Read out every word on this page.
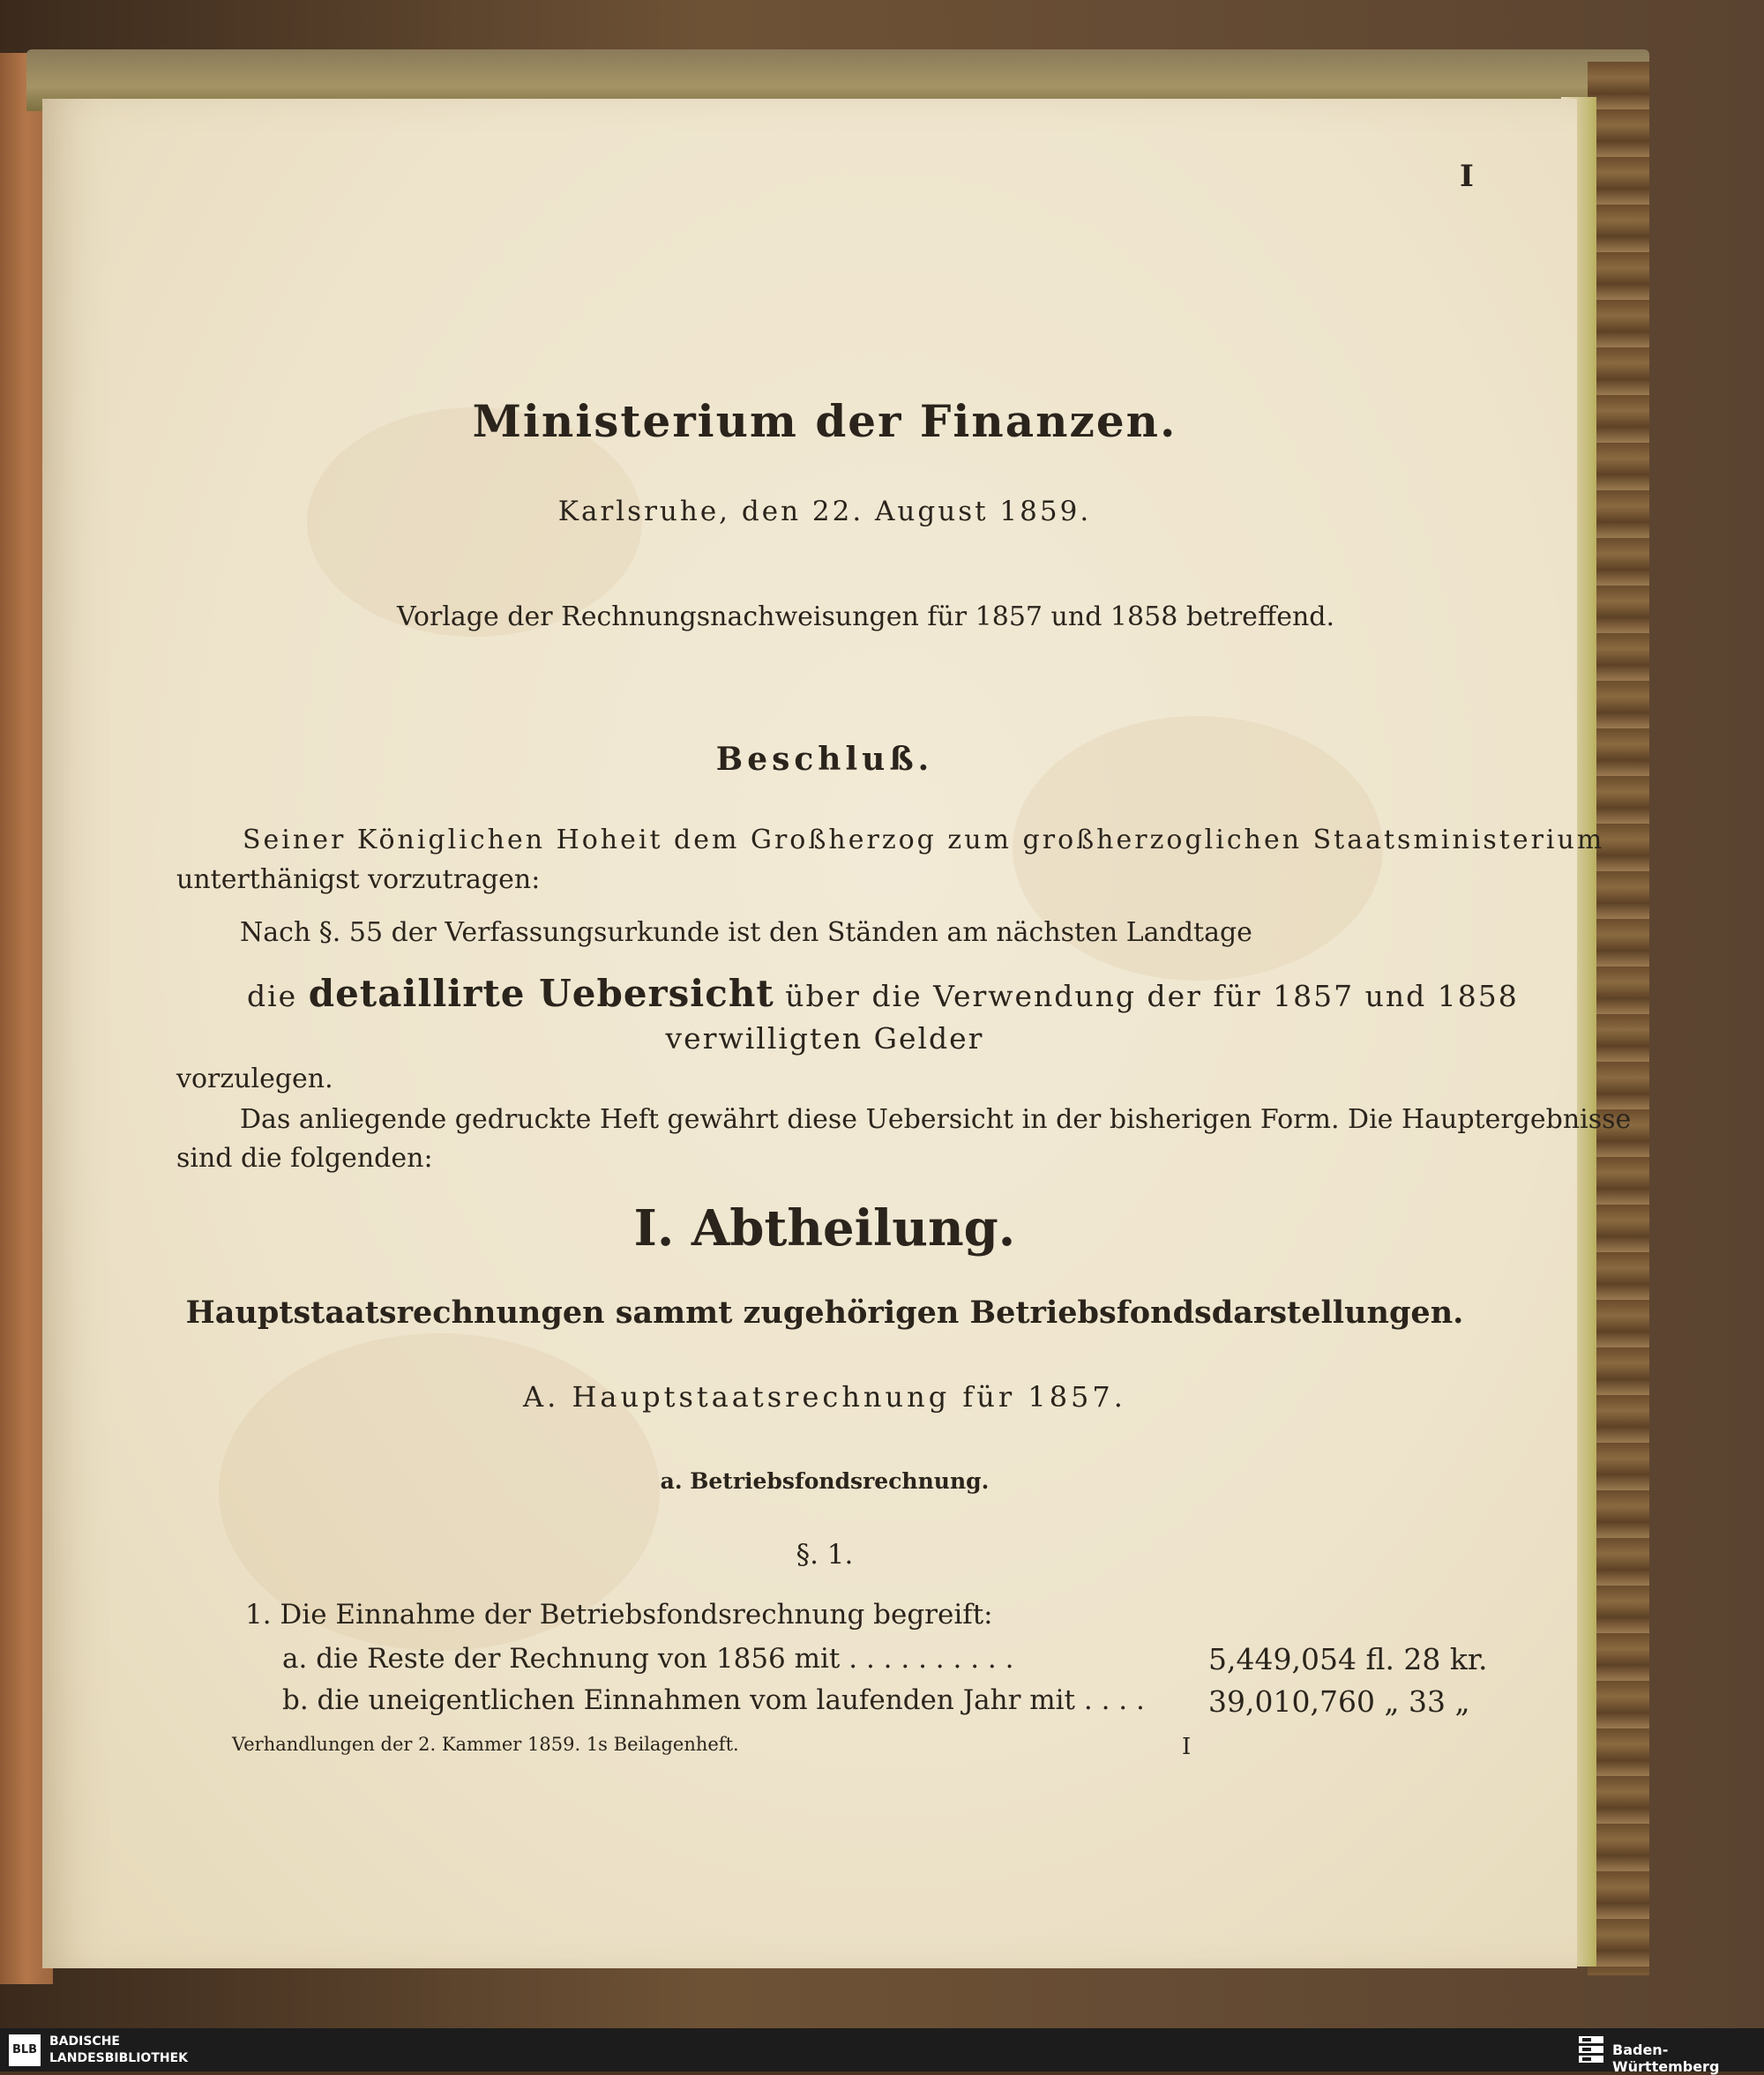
I
Ministerium der Finanzen.
Karlsruhe, den 22. August 1859.
Vorlage der Rechnungsnachweisungen für 1857 und 1858 betreffend.
Beschluß.
Seiner Königlichen Hoheit dem Großherzog zum großherzoglichen Staatsministerium
unterthänigst vorzutragen:
Nach §. 55 der Verfassungsurkunde ist den Ständen am nächsten Landtage
die detaillirte Uebersicht über die Verwendung der für 1857 und 1858
verwilligten Gelder
vorzulegen.
Das anliegende gedruckte Heft gewährt diese Uebersicht in der bisherigen Form. Die Hauptergebnisse
sind die folgenden:
I. Abtheilung.
Hauptstaatsrechnungen sammt zugehörigen Betriebsfondsdarstellungen.
A. Hauptstaatsrechnung für 1857.
a. Betriebsfondsrechnung.
§. 1.
1. Die Einnahme der Betriebsfondsrechnung begreift:
a. die Reste der Rechnung von 1856 mit . . . . . . . . . .	5,449,054 fl. 28 kr.
b. die uneigentlichen Einnahmen vom laufenden Jahr mit . . . . 39,010,760 „ 33 „
Verhandlungen der 2. Kammer 1859. 1s Beilagenheft.	I
BLB
BADISCHE
LANDESBIBLIOTHEK	Baden-Württemberg
